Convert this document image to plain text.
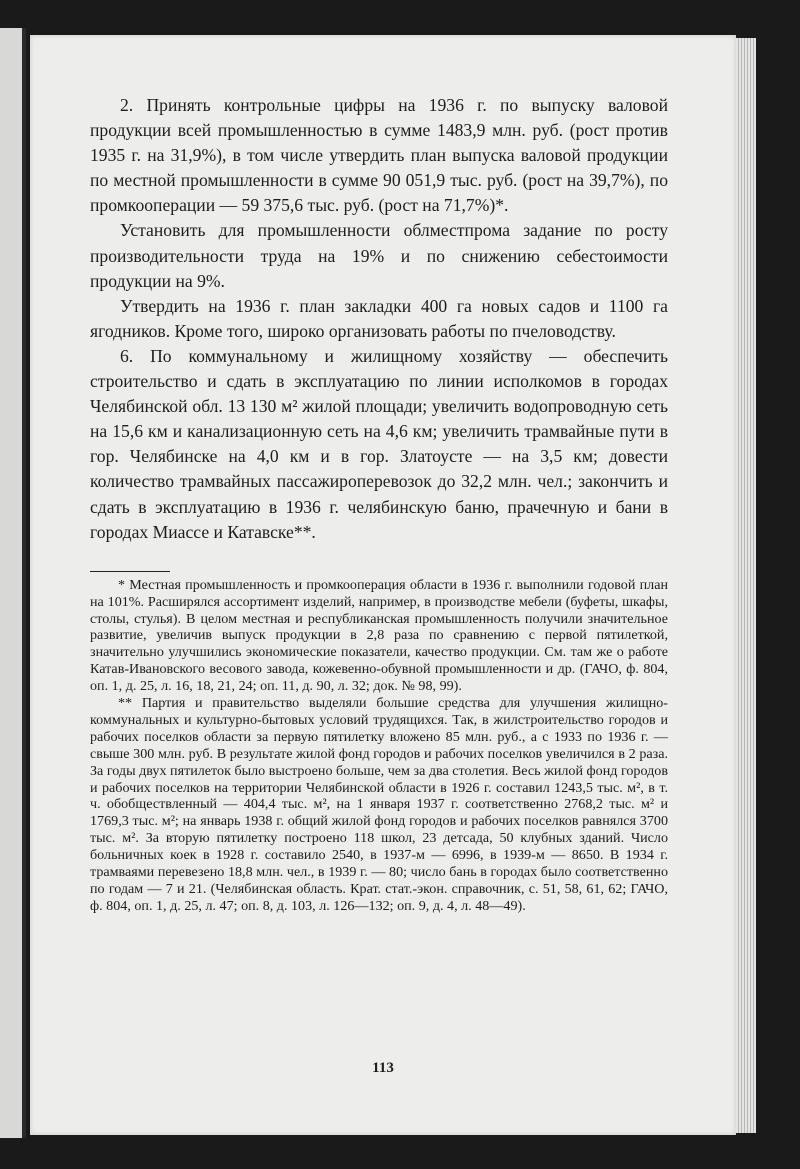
2. Принять контрольные цифры на 1936 г. по выпуску валовой продукции всей промышленностью в сумме 1483,9 млн. руб. (рост против 1935 г. на 31,9%), в том числе утвердить план выпуска валовой продукции по местной промышленности в сумме 90 051,9 тыс. руб. (рост на 39,7%), по промкооперации — 59 375,6 тыс. руб. (рост на 71,7%)*.

Установить для промышленности облместпрома задание по росту производительности труда на 19% и по снижению себестоимости продукции на 9%.

Утвердить на 1936 г. план закладки 400 га новых садов и 1100 га ягодников. Кроме того, широко организовать работы по пчеловодству.

6. По коммунальному и жилищному хозяйству — обеспечить строительство и сдать в эксплуатацию по линии исполкомов в городах Челябинской обл. 13 130 м² жилой площади; увеличить водопроводную сеть на 15,6 км и канализационную сеть на 4,6 км; увеличить трамвайные пути в гор. Челябинске на 4,0 км и в гор. Златоусте — на 3,5 км; довести количество трамвайных пассажироперевозок до 32,2 млн. чел.; закончить и сдать в эксплуатацию в 1936 г. челябинскую баню, прачечную и бани в городах Миассе и Катавске**.

* Местная промышленность и промкооперация области в 1936 г. выполнили годовой план на 101%. Расширялся ассортимент изделий, например, в производстве мебели (буфеты, шкафы, столы, стулья). В целом местная и республиканская промышленность получили значительное развитие, увеличив выпуск продукции в 2,8 раза по сравнению с первой пятилеткой, значительно улучшились экономические показатели, качество продукции. См. там же о работе Катав-Ивановского весового завода, кожевенно-обувной промышленности и др. (ГАЧО, ф. 804, оп. 1, д. 25, л. 16, 18, 21, 24; оп. 11, д. 90, л. 32; док. № 98, 99).

** Партия и правительство выделяли большие средства для улучшения жилищно-коммунальных и культурно-бытовых условий трудящихся. Так, в жилстроительство городов и рабочих поселков области за первую пятилетку вложено 85 млн. руб., а с 1933 по 1936 г. — свыше 300 млн. руб. В результате жилой фонд городов и рабочих поселков увеличился в 2 раза. За годы двух пятилеток было выстроено больше, чем за два столетия. Весь жилой фонд городов и рабочих поселков на территории Челябинской области в 1926 г. составил 1243,5 тыс. м², в т. ч. обобществленный — 404,4 тыс. м², на 1 января 1937 г. соответственно 2768,2 тыс. м² и 1769,3 тыс. м²; на январь 1938 г. общий жилой фонд городов и рабочих поселков равнялся 3700 тыс. м². За вторую пятилетку построено 118 школ, 23 детсада, 50 клубных зданий. Число больничных коек в 1928 г. составило 2540, в 1937-м — 6996, в 1939-м — 8650. В 1934 г. трамваями перевезено 18,8 млн. чел., в 1939 г. — 80; число бань в городах было соответственно по годам — 7 и 21. (Челябинская область. Крат. стат.-экон. справочник, с. 51, 58, 61, 62; ГАЧО, ф. 804, оп. 1, д. 25, л. 47; оп. 8, д. 103, л. 126—132; оп. 9, д. 4, л. 48—49).

113
